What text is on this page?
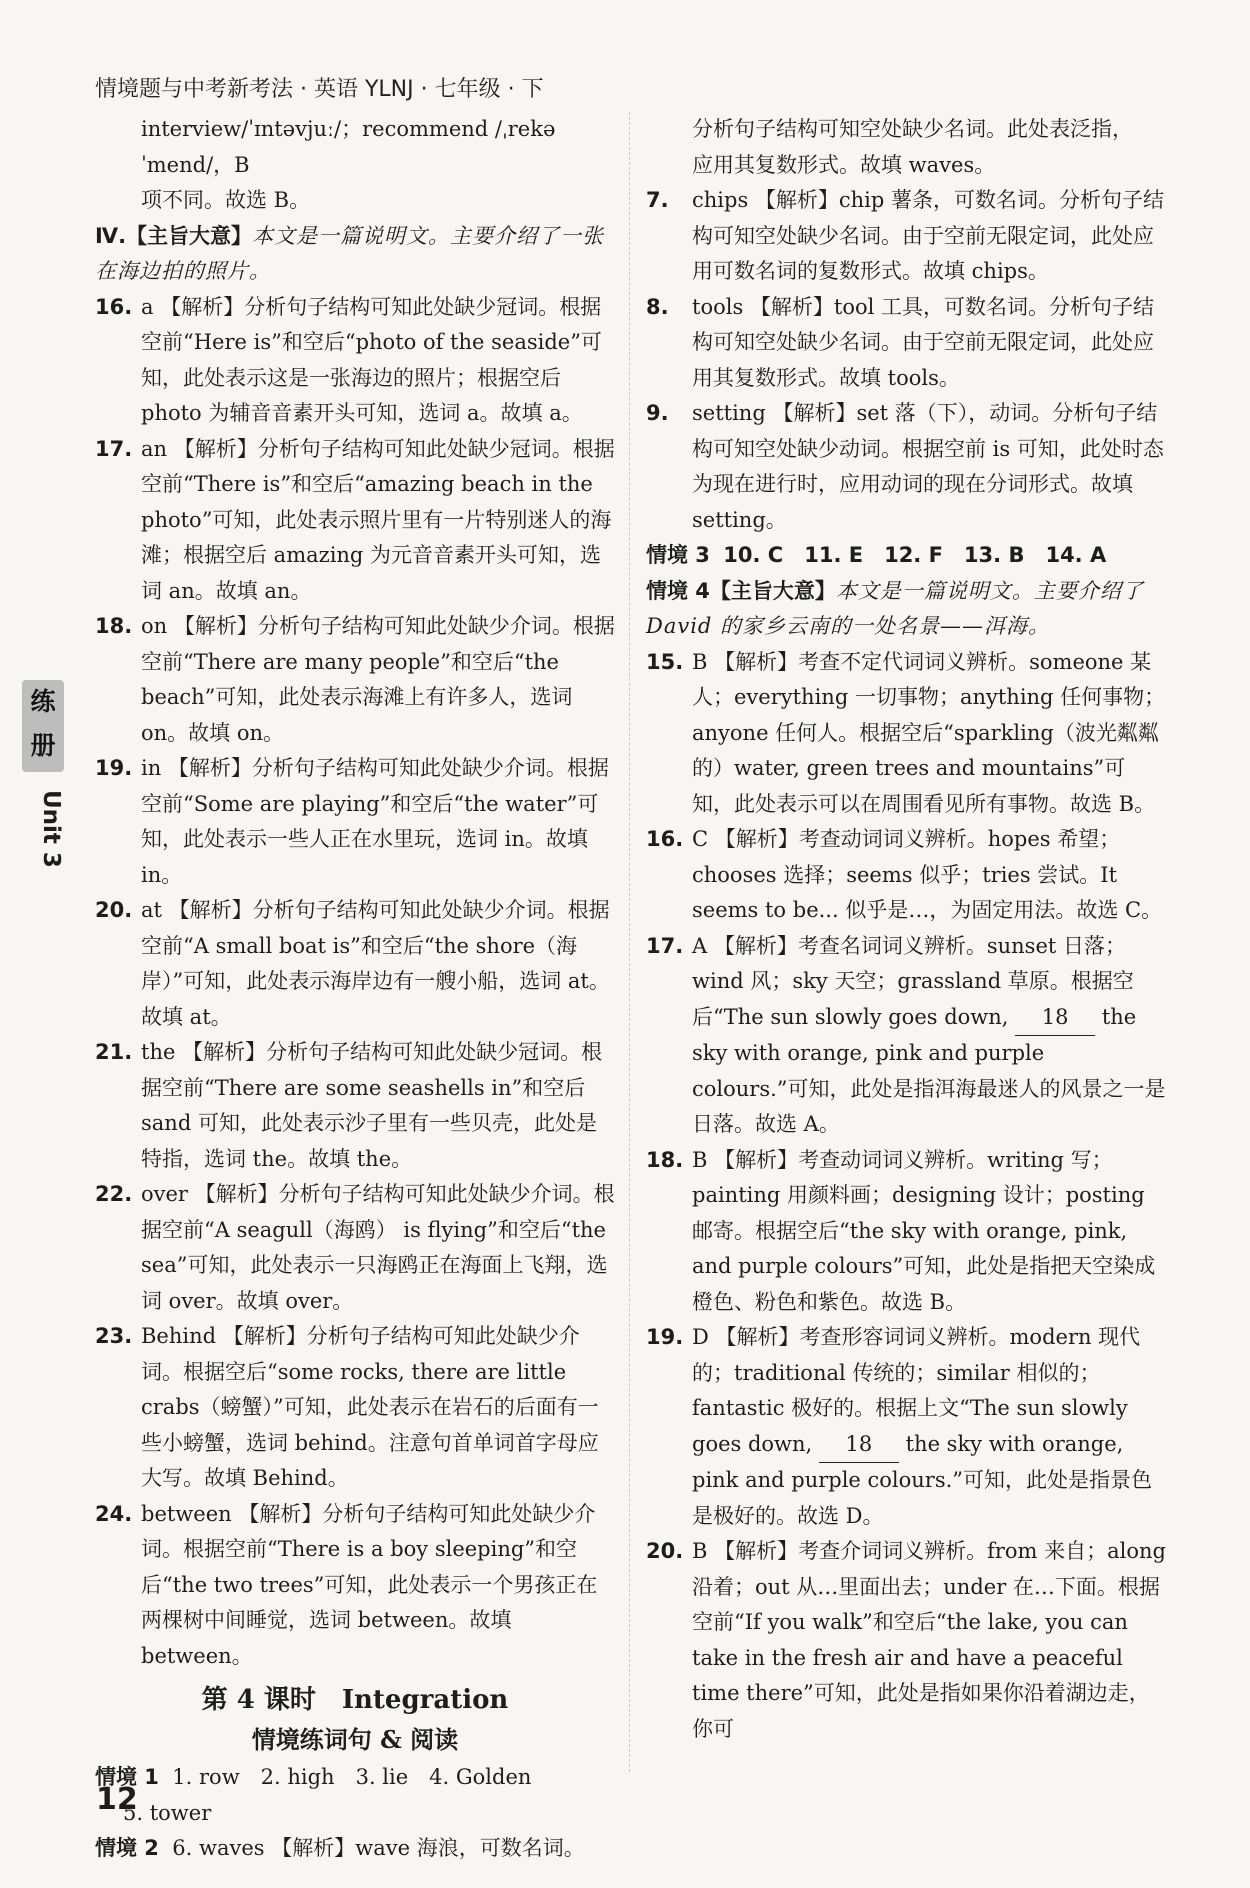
情境题与中考新考法 · 英语 YLNJ · 七年级 · 下
练册
Unit 3
interview/ˈɪntəvjuː/；recommend /ˌrekəˈmend/，B
项不同。故选 B。
Ⅳ.【主旨大意】本文是一篇说明文。主要介绍了一张在海边拍的照片。
16. a 【解析】分析句子结构可知此处缺少冠词。根据空前“Here is”和空后“photo of the seaside”可知，此处表示这是一张海边的照片；根据空后 photo 为辅音音素开头可知，选词 a。故填 a。
17. an 【解析】分析句子结构可知此处缺少冠词。根据空前“There is”和空后“amazing beach in the photo”可知，此处表示照片里有一片特别迷人的海滩；根据空后 amazing 为元音音素开头可知，选词 an。故填 an。
18. on 【解析】分析句子结构可知此处缺少介词。根据空前“There are many people”和空后“the beach”可知，此处表示海滩上有许多人，选词 on。故填 on。
19. in 【解析】分析句子结构可知此处缺少介词。根据空前“Some are playing”和空后“the water”可知，此处表示一些人正在水里玩，选词 in。故填 in。
20. at 【解析】分析句子结构可知此处缺少介词。根据空前“A small boat is”和空后“the shore（海岸）”可知，此处表示海岸边有一艘小船，选词 at。故填 at。
21. the 【解析】分析句子结构可知此处缺少冠词。根据空前“There are some seashells in”和空后 sand 可知，此处表示沙子里有一些贝壳，此处是特指，选词 the。故填 the。
22. over 【解析】分析句子结构可知此处缺少介词。根据空前“A seagull（海鸥） is flying”和空后“the sea”可知，此处表示一只海鸥正在海面上飞翔，选词 over。故填 over。
23. Behind 【解析】分析句子结构可知此处缺少介词。根据空后“some rocks, there are little crabs（螃蟹）”可知，此处表示在岩石的后面有一些小螃蟹，选词 behind。注意句首单词首字母应大写。故填 Behind。
24. between 【解析】分析句子结构可知此处缺少介词。根据空前“There is a boy sleeping”和空后“the two trees”可知，此处表示一个男孩正在两棵树中间睡觉，选词 between。故填 between。
第 4 课时　Integration
情境练词句 & 阅读
情境 1 1. row　2. high　3. lie　4. Golden
5. tower
情境 2 6. waves 【解析】wave 海浪，可数名词。
分析句子结构可知空处缺少名词。此处表泛指，
应用其复数形式。故填 waves。
7. chips 【解析】chip 薯条，可数名词。分析句子结构可知空处缺少名词。由于空前无限定词，此处应用可数名词的复数形式。故填 chips。
8. tools 【解析】tool 工具，可数名词。分析句子结构可知空处缺少名词。由于空前无限定词，此处应用其复数形式。故填 tools。
9. setting 【解析】set 落（下），动词。分析句子结构可知空处缺少动词。根据空前 is 可知，此处时态为现在进行时，应用动词的现在分词形式。故填 setting。
情境 3 10. C　11. E　12. F　13. B　14. A
情境 4【主旨大意】本文是一篇说明文。主要介绍了 David 的家乡云南的一处名景——洱海。
15. B 【解析】考查不定代词词义辨析。someone 某人；everything 一切事物；anything 任何事物；anyone 任何人。根据空后“sparkling（波光粼粼的）water, green trees and mountains”可知，此处表示可以在周围看见所有事物。故选 B。
16. C 【解析】考查动词词义辨析。hopes 希望；chooses 选择；seems 似乎；tries 尝试。It seems to be... 似乎是…，为固定用法。故选 C。
17. A 【解析】考查名词词义辨析。sunset 日落；wind 风；sky 天空；grassland 草原。根据空后“The sun slowly goes down, 18 the sky with orange, pink and purple colours.”可知，此处是指洱海最迷人的风景之一是日落。故选 A。
18. B 【解析】考查动词词义辨析。writing 写；painting 用颜料画；designing 设计；posting 邮寄。根据空后“the sky with orange, pink, and purple colours”可知，此处是指把天空染成橙色、粉色和紫色。故选 B。
19. D 【解析】考查形容词词义辨析。modern 现代的；traditional 传统的；similar 相似的；fantastic 极好的。根据上文“The sun slowly goes down, 18 the sky with orange, pink and purple colours.”可知，此处是指景色是极好的。故选 D。
20. B 【解析】考查介词词义辨析。from 来自；along 沿着；out 从…里面出去；under 在…下面。根据空前“If you walk”和空后“the lake, you can take in the fresh air and have a peaceful time there”可知，此处是指如果你沿着湖边走，你可
12
